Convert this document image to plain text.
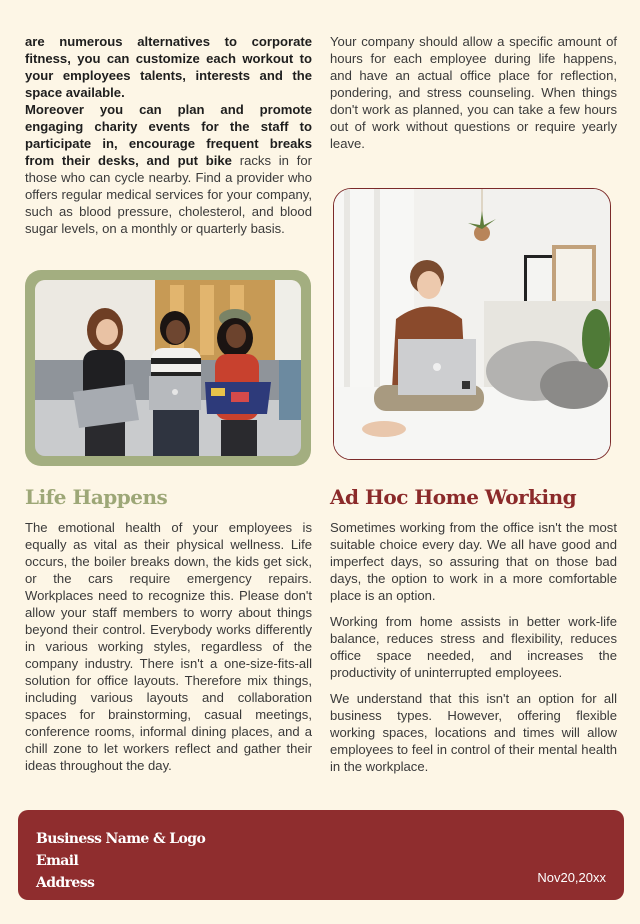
are numerous alternatives to corporate fitness, you can customize each workout to your employees talents, interests and the space available.

Moreover you can plan and promote engaging charity events for the staff to participate in, encourage frequent breaks from their desks, and put bike racks in for those who can cycle nearby. Find a provider who offers regular medical services for your company, such as blood pressure, cholesterol, and blood sugar levels, on a monthly or quarterly basis.

Your company should allow a specific amount of hours for each employee during life happens, and have an actual office place for reflection, pondering, and stress counseling. When things don't work as planned, you can take a few hours out of work without questions or require yearly leave.

Life Happens	Ad Hoc Home Working

The emotional health of your employees is equally as vital as their physical wellness. Life occurs, the boiler breaks down, the kids get sick, or the cars require emergency repairs. Workplaces need to recognize this. Please don't allow your staff members to worry about things beyond their control. Everybody works differently in various working styles, regardless of the company industry. There isn't a one-size-fits-all solution for office layouts. Therefore mix things, including various layouts and collaboration spaces for brainstorming, casual meetings, conference rooms, informal dining places, and a chill zone to let workers reflect and gather their ideas throughout the day.

Sometimes working from the office isn't the most suitable choice every day. We all have good and imperfect days, so assuring that on those bad days, the option to work in a more comfortable place is an option.

Working from home assists in better work-life balance, reduces stress and flexibility, reduces office space needed, and increases the productivity of uninterrupted employees.

We understand that this isn't an option for all business types. However, offering flexible working spaces, locations and times will allow employees to feel in control of their mental health in the workplace.

Business Name & Logo
Email
Address	Nov20,20xx
